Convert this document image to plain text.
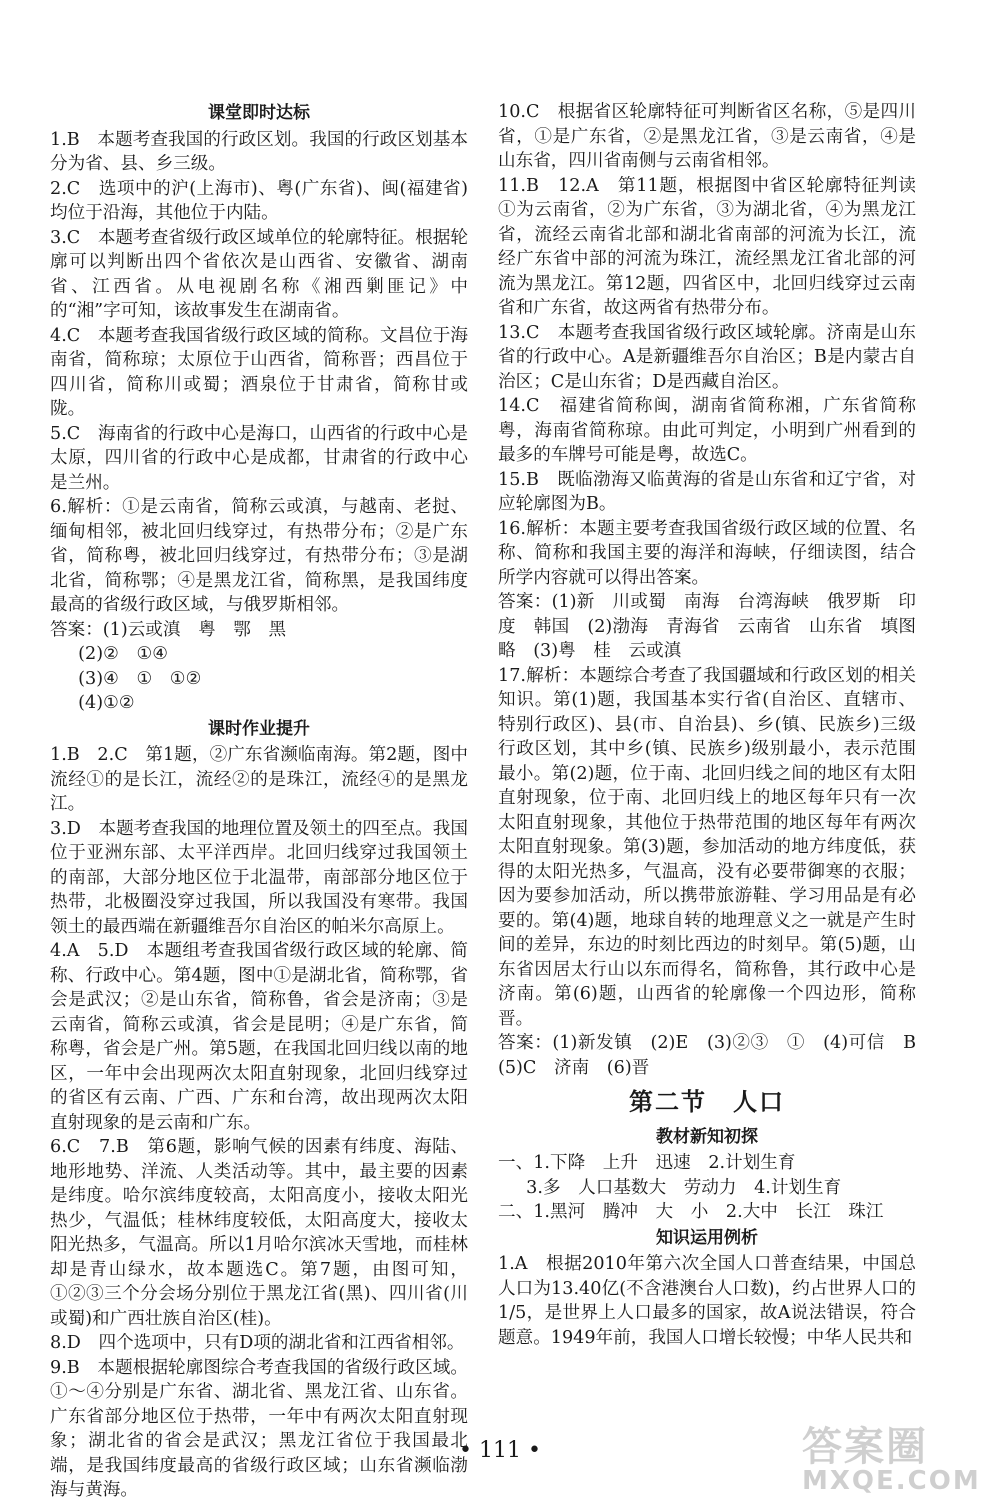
课堂即时达标

1.B　本题考查我国的行政区划。我国的行政区划基本分为省、县、乡三级。

2.C　选项中的沪(上海市)、粤(广东省)、闽(福建省)均位于沿海，其他位于内陆。

3.C　本题考查省级行政区域单位的轮廓特征。根据轮廓可以判断出四个省依次是山西省、安徽省、湖南省、江西省。从电视剧名称《湘西剿匪记》中的“湘”字可知，该故事发生在湖南省。

4.C　本题考查我国省级行政区域的简称。文昌位于海南省，简称琼；太原位于山西省，简称晋；西昌位于四川省，简称川或蜀；酒泉位于甘肃省，简称甘或陇。

5.C　海南省的行政中心是海口，山西省的行政中心是太原，四川省的行政中心是成都，甘肃省的行政中心是兰州。

6.解析：①是云南省，简称云或滇，与越南、老挝、缅甸相邻，被北回归线穿过，有热带分布；②是广东省，简称粤，被北回归线穿过，有热带分布；③是湖北省，简称鄂；④是黑龙江省，简称黑，是我国纬度最高的省级行政区域，与俄罗斯相邻。

答案：(1)云或滇　粤　鄂　黑

(2)②　①④

(3)④　①　①②

(4)①②

课时作业提升

1.B　2.C　第1题，②广东省濒临南海。第2题，图中流经①的是长江，流经②的是珠江，流经④的是黑龙江。

3.D　本题考查我国的地理位置及领土的四至点。我国位于亚洲东部、太平洋西岸。北回归线穿过我国领土的南部，大部分地区位于北温带，南部部分地区位于热带，北极圈没穿过我国，所以我国没有寒带。我国领土的最西端在新疆维吾尔自治区的帕米尔高原上。

4.A　5.D　本题组考查我国省级行政区域的轮廓、简称、行政中心。第4题，图中①是湖北省，简称鄂，省会是武汉；②是山东省，简称鲁，省会是济南；③是云南省，简称云或滇，省会是昆明；④是广东省，简称粤，省会是广州。第5题，在我国北回归线以南的地区，一年中会出现两次太阳直射现象，北回归线穿过的省区有云南、广西、广东和台湾，故出现两次太阳直射现象的是云南和广东。

6.C　7.B　第6题，影响气候的因素有纬度、海陆、地形地势、洋流、人类活动等。其中，最主要的因素是纬度。哈尔滨纬度较高，太阳高度小，接收太阳光热少，气温低；桂林纬度较低，太阳高度大，接收太阳光热多，气温高。所以1月哈尔滨冰天雪地，而桂林却是青山绿水，故本题选C。第7题，由图可知，①②③三个分会场分别位于黑龙江省(黑)、四川省(川或蜀)和广西壮族自治区(桂)。

8.D　四个选项中，只有D项的湖北省和江西省相邻。

9.B　本题根据轮廓图综合考查我国的省级行政区域。①～④分别是广东省、湖北省、黑龙江省、山东省。广东省部分地区位于热带，一年中有两次太阳直射现象；湖北省的省会是武汉；黑龙江省位于我国最北端，是我国纬度最高的省级行政区域；山东省濒临渤海与黄海。

10.C　根据省区轮廓特征可判断省区名称，⑤是四川省，①是广东省，②是黑龙江省，③是云南省，④是山东省，四川省南侧与云南省相邻。

11.B　12.A　第11题，根据图中省区轮廓特征判读①为云南省，②为广东省，③为湖北省，④为黑龙江省，流经云南省北部和湖北省南部的河流为长江，流经广东省中部的河流为珠江，流经黑龙江省北部的河流为黑龙江。第12题，四省区中，北回归线穿过云南省和广东省，故这两省有热带分布。

13.C　本题考查我国省级行政区域轮廓。济南是山东省的行政中心。A是新疆维吾尔自治区；B是内蒙古自治区；C是山东省；D是西藏自治区。

14.C　福建省简称闽，湖南省简称湘，广东省简称粤，海南省简称琼。由此可判定，小明到广州看到的最多的车牌号可能是粤，故选C。

15.B　既临渤海又临黄海的省是山东省和辽宁省，对应轮廓图为B。

16.解析：本题主要考查我国省级行政区域的位置、名称、简称和我国主要的海洋和海峡，仔细读图，结合所学内容就可以得出答案。

答案：(1)新　川或蜀　南海　台湾海峡　俄罗斯　印度　韩国　(2)渤海　青海省　云南省　山东省　填图略　(3)粤　桂　云或滇

17.解析：本题综合考查了我国疆域和行政区划的相关知识。第(1)题，我国基本实行省(自治区、直辖市、特别行政区)、县(市、自治县)、乡(镇、民族乡)三级行政区划，其中乡(镇、民族乡)级别最小，表示范围最小。第(2)题，位于南、北回归线之间的地区有太阳直射现象，位于南、北回归线上的地区每年只有一次太阳直射现象，其他位于热带范围的地区每年有两次太阳直射现象。第(3)题，参加活动的地方纬度低，获得的太阳光热多，气温高，没有必要带御寒的衣服；因为要参加活动，所以携带旅游鞋、学习用品是有必要的。第(4)题，地球自转的地理意义之一就是产生时间的差异，东边的时刻比西边的时刻早。第(5)题，山东省因居太行山以东而得名，简称鲁，其行政中心是济南。第(6)题，山西省的轮廓像一个四边形，简称晋。

答案：(1)新发镇　(2)E　(3)②③　①　(4)可信　B　(5)C　济南　(6)晋

第二节　人口
教材新知初探

一、1.下降　上升　迅速　2.计划生育

3.多　人口基数大　劳动力　4.计划生育

二、1.黑河　腾冲　大　小　2.大中　长江　珠江

知识运用例析

1.A　根据2010年第六次全国人口普查结果，中国总人口为13.40亿(不含港澳台人口数)，约占世界人口的1/5，是世界上人口最多的国家，故A说法错误，符合题意。1949年前，我国人口增长较慢；中华人民共和

• 111 •	答案圈
MXQE.COM
